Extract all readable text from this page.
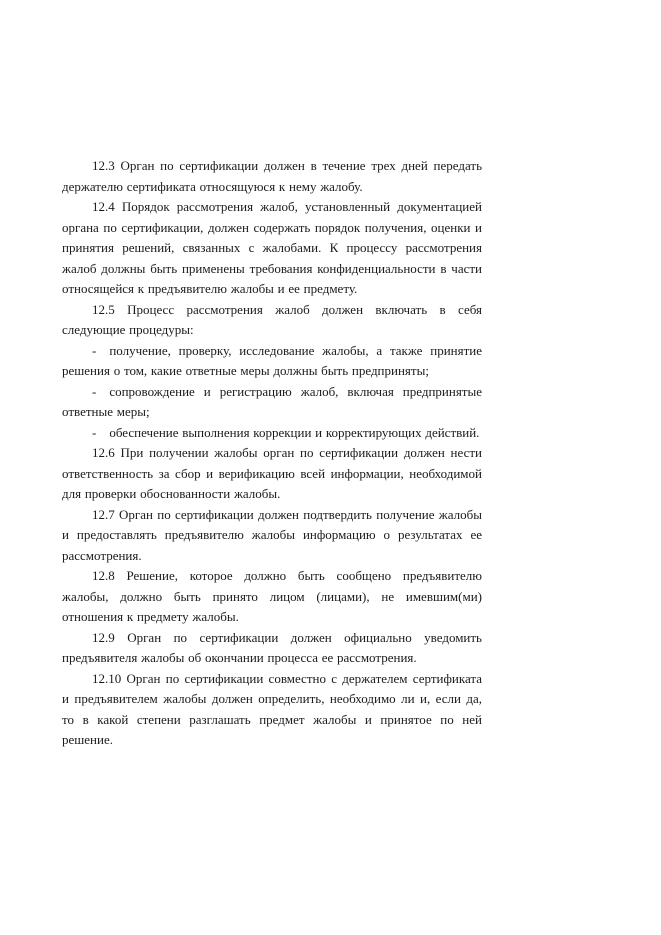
12.3 Орган по сертификации должен в течение трех дней передать держателю сертификата относящуюся к нему жалобу.

12.4 Порядок рассмотрения жалоб, установленный документацией органа по сертификации, должен содержать порядок получения, оценки и принятия решений, связанных с жалобами. К процессу рассмотрения жалоб должны быть применены требования конфиденциальности в части относящейся к предъявителю жалобы и ее предмету.

12.5 Процесс рассмотрения жалоб должен включать в себя следующие процедуры:

- получение, проверку, исследование жалобы, а также принятие решения о том, какие ответные меры должны быть предприняты;

- сопровождение и регистрацию жалоб, включая предпринятые ответные меры;

- обеспечение выполнения коррекции и корректирующих действий.

12.6 При получении жалобы орган по сертификации должен нести ответственность за сбор и верификацию всей информации, необходимой для проверки обоснованности жалобы.

12.7 Орган по сертификации должен подтвердить получение жалобы и предоставлять предъявителю жалобы информацию о результатах ее рассмотрения.

12.8 Решение, которое должно быть сообщено предъявителю жалобы, должно быть принято лицом (лицами), не имевшим(ми) отношения к предмету жалобы.

12.9 Орган по сертификации должен официально уведомить предъявителя жалобы об окончании процесса ее рассмотрения.

12.10 Орган по сертификации совместно с держателем сертификата и предъявителем жалобы должен определить, необходимо ли и, если да, то в какой степени разглашать предмет жалобы и принятое по ней решение.
